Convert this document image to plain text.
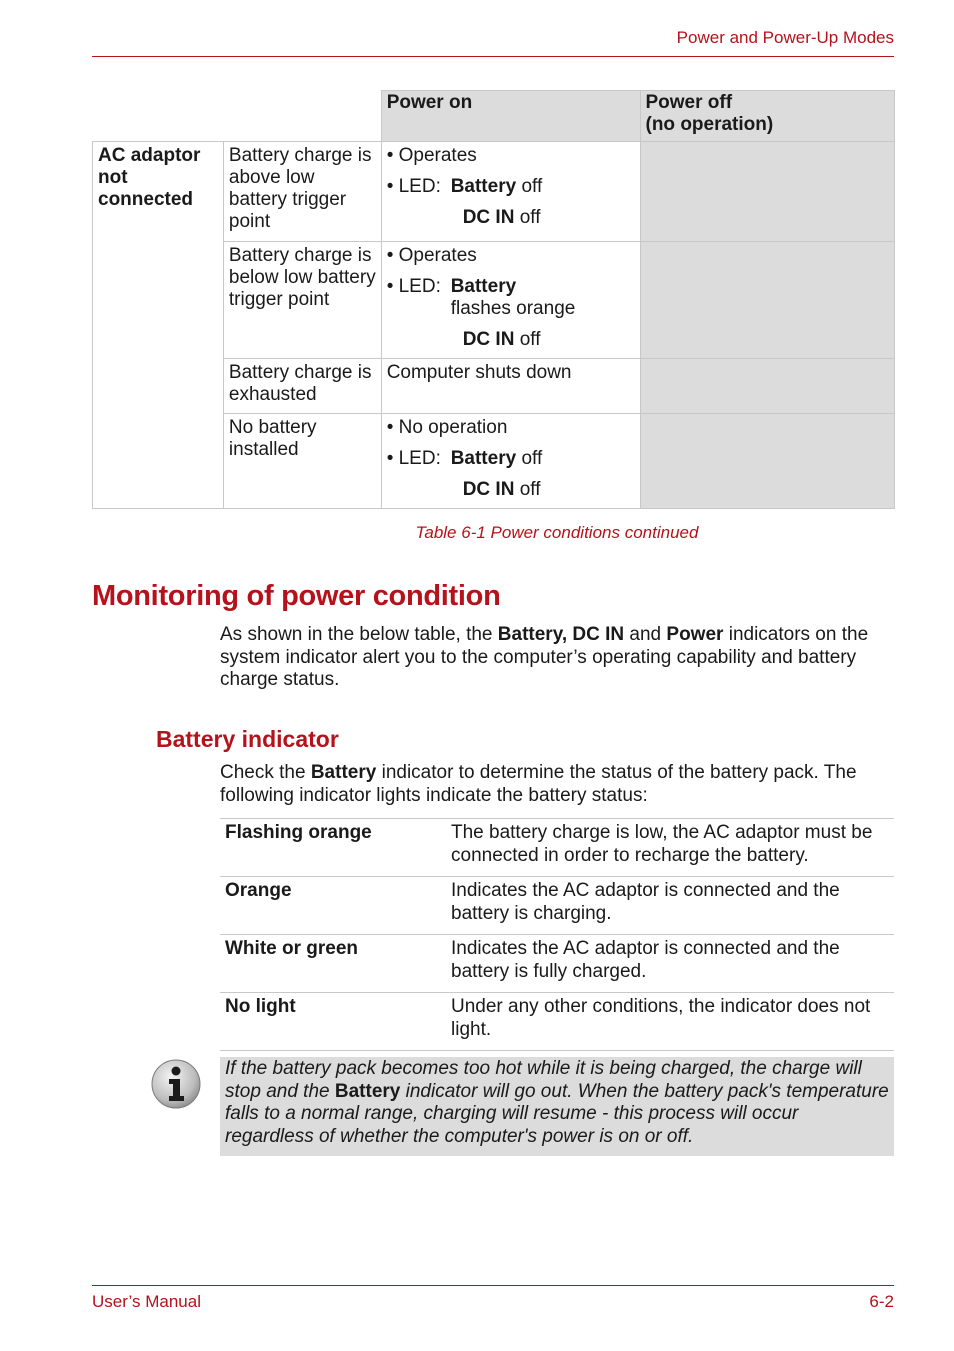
Power and Power-Up Modes
		Power on	Power off
(no operation)

AC adaptor not connected	Battery charge is above low battery trigger point	• Operates
• LED: Battery off
DC IN off	

	Battery charge is below low battery trigger point	• Operates
• LED: Battery flashes orange
DC IN off	

	Battery charge is exhausted	Computer shuts down	
	No battery installed	• No operation
• LED: Battery off
DC IN off	

Table 6-1 Power conditions continued
Monitoring of power condition

As shown in the below table, the Battery, DC IN and Power indicators on the system indicator alert you to the computer’s operating capability and battery charge status.

Battery indicator

Check the Battery indicator to determine the status of the battery pack. The following indicator lights indicate the battery status:

Flashing orange	The battery charge is low, the AC adaptor must be connected in order to recharge the battery.
Orange	Indicates the AC adaptor is connected and the battery is charging.
White or green	Indicates the AC adaptor is connected and the battery is fully charged.
No light	Under any other conditions, the indicator does not light.
If the battery pack becomes too hot while it is being charged, the charge will stop and the Battery indicator will go out. When the battery pack's temperature falls to a normal range, charging will resume - this process will occur regardless of whether the computer's power is on or off.
User’s Manual	6-2
